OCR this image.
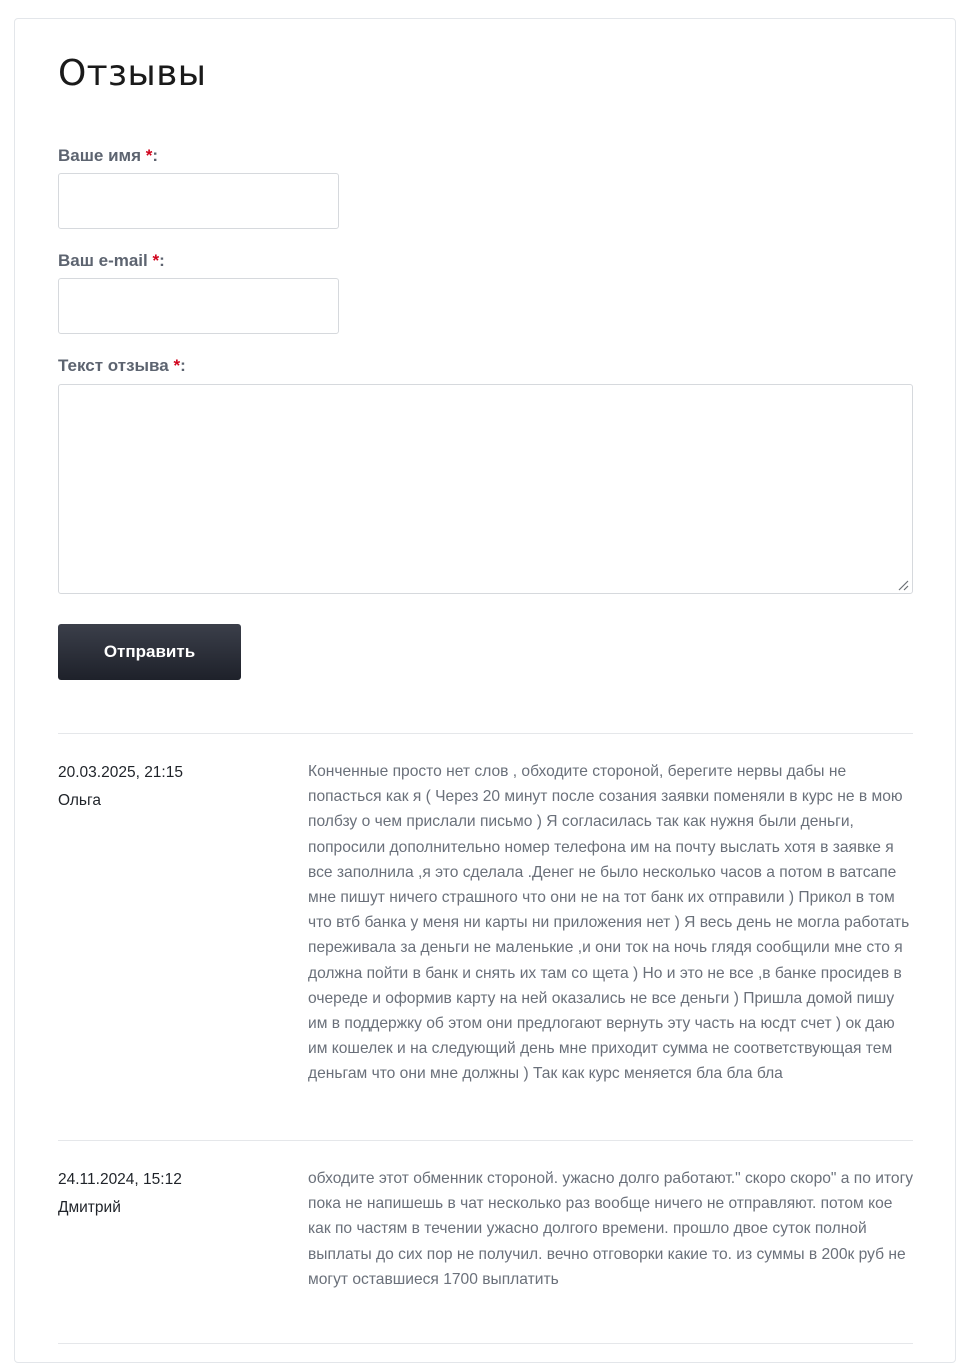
Отзывы
Ваше имя *:
Ваш e-mail *:
Текст отзыва *:
Отправить
20.03.2025, 21:15
Ольга

Конченные просто нет слов , обходите стороной, берегите нервы дабы не попасться как я ( Через 20 минут после созания заявки поменяли в курс не в мою полбзу о чем прислали письмо ) Я согласилась так как нужня были деньги, попросили дополнительно номер телефона им на почту выслать хотя в заявке я все заполнила ,я это сделала .Денег не было несколько часов а потом в ватсапе мне пишут ничего страшного что они не на тот банк их отправили ) Прикол в том что втб банка у меня ни карты ни приложения нет ) Я весь день не могла работать переживала за деньги не маленькие ,и они ток на ночь глядя сообщили мне сто я должна пойти в банк и снять их там со щета ) Но и это не все ,в банке просидев в очереде и оформив карту на ней оказались не все деньги ) Пришла домой пишу им в поддержку об этом они предлогают вернуть эту часть на юсдт счет ) ок даю им кошелек и на следующий день мне приходит сумма не соответствующая тем деньгам что они мне должны ) Так как курс меняется бла бла бла

24.11.2024, 15:12
Дмитрий

обходите этот обменник стороной. ужасно долго работают." скоро скоро" а по итогу пока не напишешь в чат несколько раз вообще ничего не отправляют. потом кое как по частям в течении ужасно долгого времени. прошло двое суток полной выплаты до сих пор не получил. вечно отговорки какие то. из суммы в 200к руб не могут оставшиеся 1700 выплатить
